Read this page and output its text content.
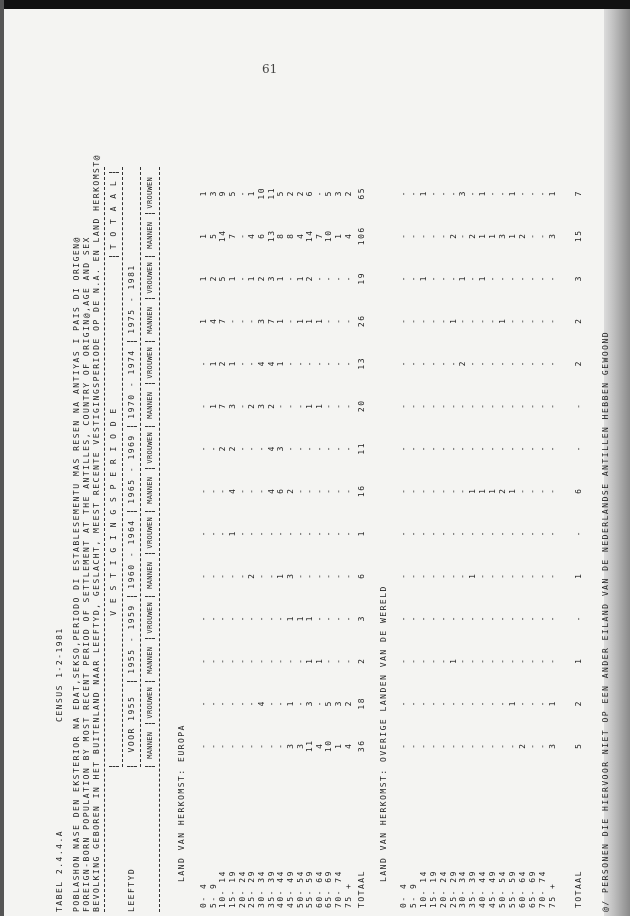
61
TABEL 2.4.4.A
CENSUS 1-2-1981 POBLASHON NASE DEN EKSTERIOR NA EDAT,SEKSO,PERIODO DI ESTABLESEMENTU MAS RESEN NA ANTIYAS I PAIS DI ORIGEN@ FOREIGN-BORN POPULATION BY MOST RECENT PERIOD OF SETTLEMENT AT THE ANTILLES, COUNTRY OF ORIGIN@,AGE AND SEX BEVOLKING GEBOREN IN HET BUITENLAND NAAR LEEFTYD, GESLACHT, MEEST RECENTE VESTIGINGSPERIODE OP DE N.A. EN LAND HERKOMST@ V E S T I G I N G S P E R I O D E
T O T A A L
LEEFTYD
VOOR 1955
1955 - 1959
1960 - 1964
1965 - 1969
1970 - 1974
1975 - 1981
MANNEN
VROUWEN
MANNEN
VROUWEN
MANNEN
VROUWEN
MANNEN
VROUWEN
MANNEN
VROUWEN
MANNEN
VROUWEN
MANNEN
VROUWEN
LAND VAN HERKOMST: EUROPA
0- 4
-
-
-
-
-
-
-
-
-
-
1
1
1
1
5- 9
-
-
-
-
-
-
-
-
1
1
4
2
5
3
10- 14
-
-
-
-
-
-
-
2
7
2
7
5
14
9
15- 19
-
-
-
-
-
1
4
2
3
1
-
1
7
5
20- 24
-
-
-
-
-
-
-
-
-
-
-
-
-
-
25- 29
-
-
-
-
2
-
-
-
2
-
-
1
4
1
30- 34
-
4
-
-
-
-
-
-
3
4
3
2
6
10
35- 39
-
-
-
-
-
-
4
4
2
4
7
3
13
11
40- 44
-
-
-
-
1
-
6
3
-
1
1
1
8
5
45- 49
3
1
-
1
3
-
2
-
-
-
-
-
8
2
50- 54
3
-
-
1
-
-
-
-
-
-
1
1
4
2
55- 59
11
3
1
1
-
-
-
-
1
-
1
2
14
6
60- 64
4
-
1
-
-
-
-
-
1
-
1
-
7
-
65- 69
10
5
-
-
-
-
-
-
-
-
-
-
10
5
70- 74
1
3
-
-
-
-
-
-
-
-
-
-
1
3
75 +
4
2
-
-
-
-
-
-
-
-
-
-
4
2
TOTAAL
36
18
2
3
6
1
16
11
20
13
26
19
106
65
LAND VAN HERKOMST: OVERIGE LANDEN VAN DE WERELD
0- 4
-
-
-
-
-
-
-
-
-
-
-
-
-
-
5- 9
-
-
-
-
-
-
-
-
-
-
-
-
-
-
10- 14
-
-
-
-
-
-
-
-
-
-
-
1
-
1
15- 19
-
-
-
-
-
-
-
-
-
-
-
-
-
-
20- 24
-
-
-
-
-
-
-
-
-
-
-
-
-
-
25- 29
-
-
1
-
-
-
-
-
-
-
1
-
2
-
30- 34
-
-
-
-
-
-
-
-
-
2
-
1
-
3
35- 39
-
-
-
-
1
-
1
-
-
-
-
-
2
-
40- 44
-
-
-
-
-
-
1
-
-
-
-
1
1
1
45- 49
-
-
-
-
-
-
1
-
-
-
-
-
1
-
50- 54
-
-
-
-
-
-
2
-
-
-
1
-
3
-
55- 59
-
1
-
-
-
-
1
-
-
-
-
-
1
1
60- 64
2
-
-
-
-
-
-
-
-
-
-
-
2
-
65- 69
-
-
-
-
-
-
-
-
-
-
-
-
-
-
70- 74
-
-
-
-
-
-
-
-
-
-
-
-
-
-
75 +
3
1
-
-
-
-
-
-
-
-
-
-
3
1
TOTAAL
5
2
1
-
1
-
6
-
-
2
2
3
15
7
@/ PERSONEN DIE HIERVOOR NIET OP EEN ANDER EILAND VAN DE NEDERLANDSE ANTILLEN HEBBEN GEWOOND
